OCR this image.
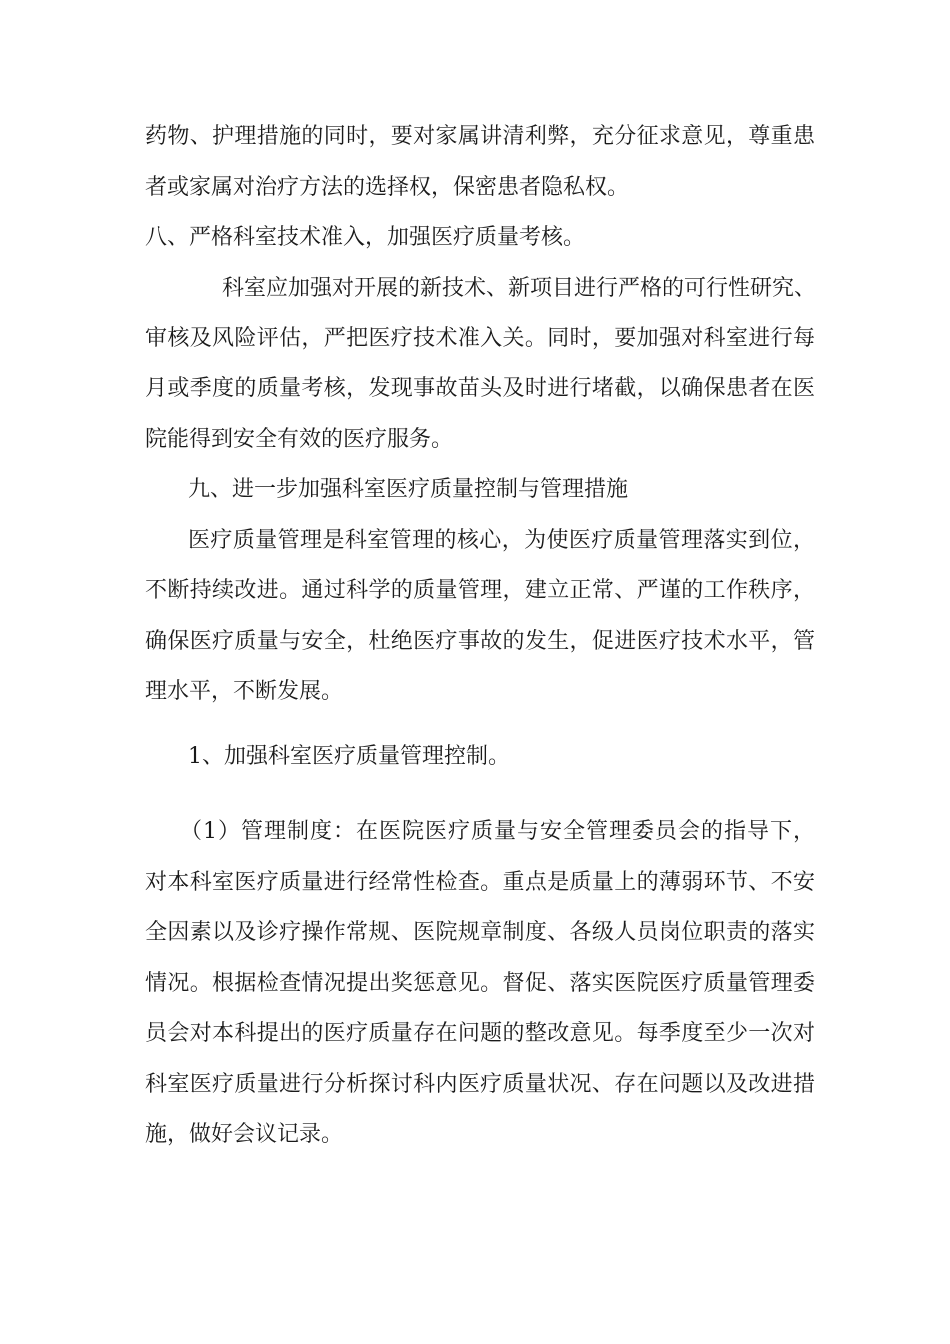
药物、护理措施的同时，要对家属讲清利弊，充分征求意见，尊重患
者或家属对治疗方法的选择权，保密患者隐私权。
八、严格科室技术准入，加强医疗质量考核。
科室应加强对开展的新技术、新项目进行严格的可行性研究、
审核及风险评估，严把医疗技术准入关。同时，要加强对科室进行每
月或季度的质量考核，发现事故苗头及时进行堵截，以确保患者在医
院能得到安全有效的医疗服务。
九、进一步加强科室医疗质量控制与管理措施
医疗质量管理是科室管理的核心，为使医疗质量管理落实到位，
不断持续改进。通过科学的质量管理，建立正常、严谨的工作秩序，
确保医疗质量与安全，杜绝医疗事故的发生，促进医疗技术水平，管
理水平，不断发展。
1、加强科室医疗质量管理控制。
（1）管理制度：在医院医疗质量与安全管理委员会的指导下，
对本科室医疗质量进行经常性检查。重点是质量上的薄弱环节、不安
全因素以及诊疗操作常规、医院规章制度、各级人员岗位职责的落实
情况。根据检查情况提出奖惩意见。督促、落实医院医疗质量管理委
员会对本科提出的医疗质量存在问题的整改意见。每季度至少一次对
科室医疗质量进行分析探讨科内医疗质量状况、存在问题以及改进措
施，做好会议记录。
